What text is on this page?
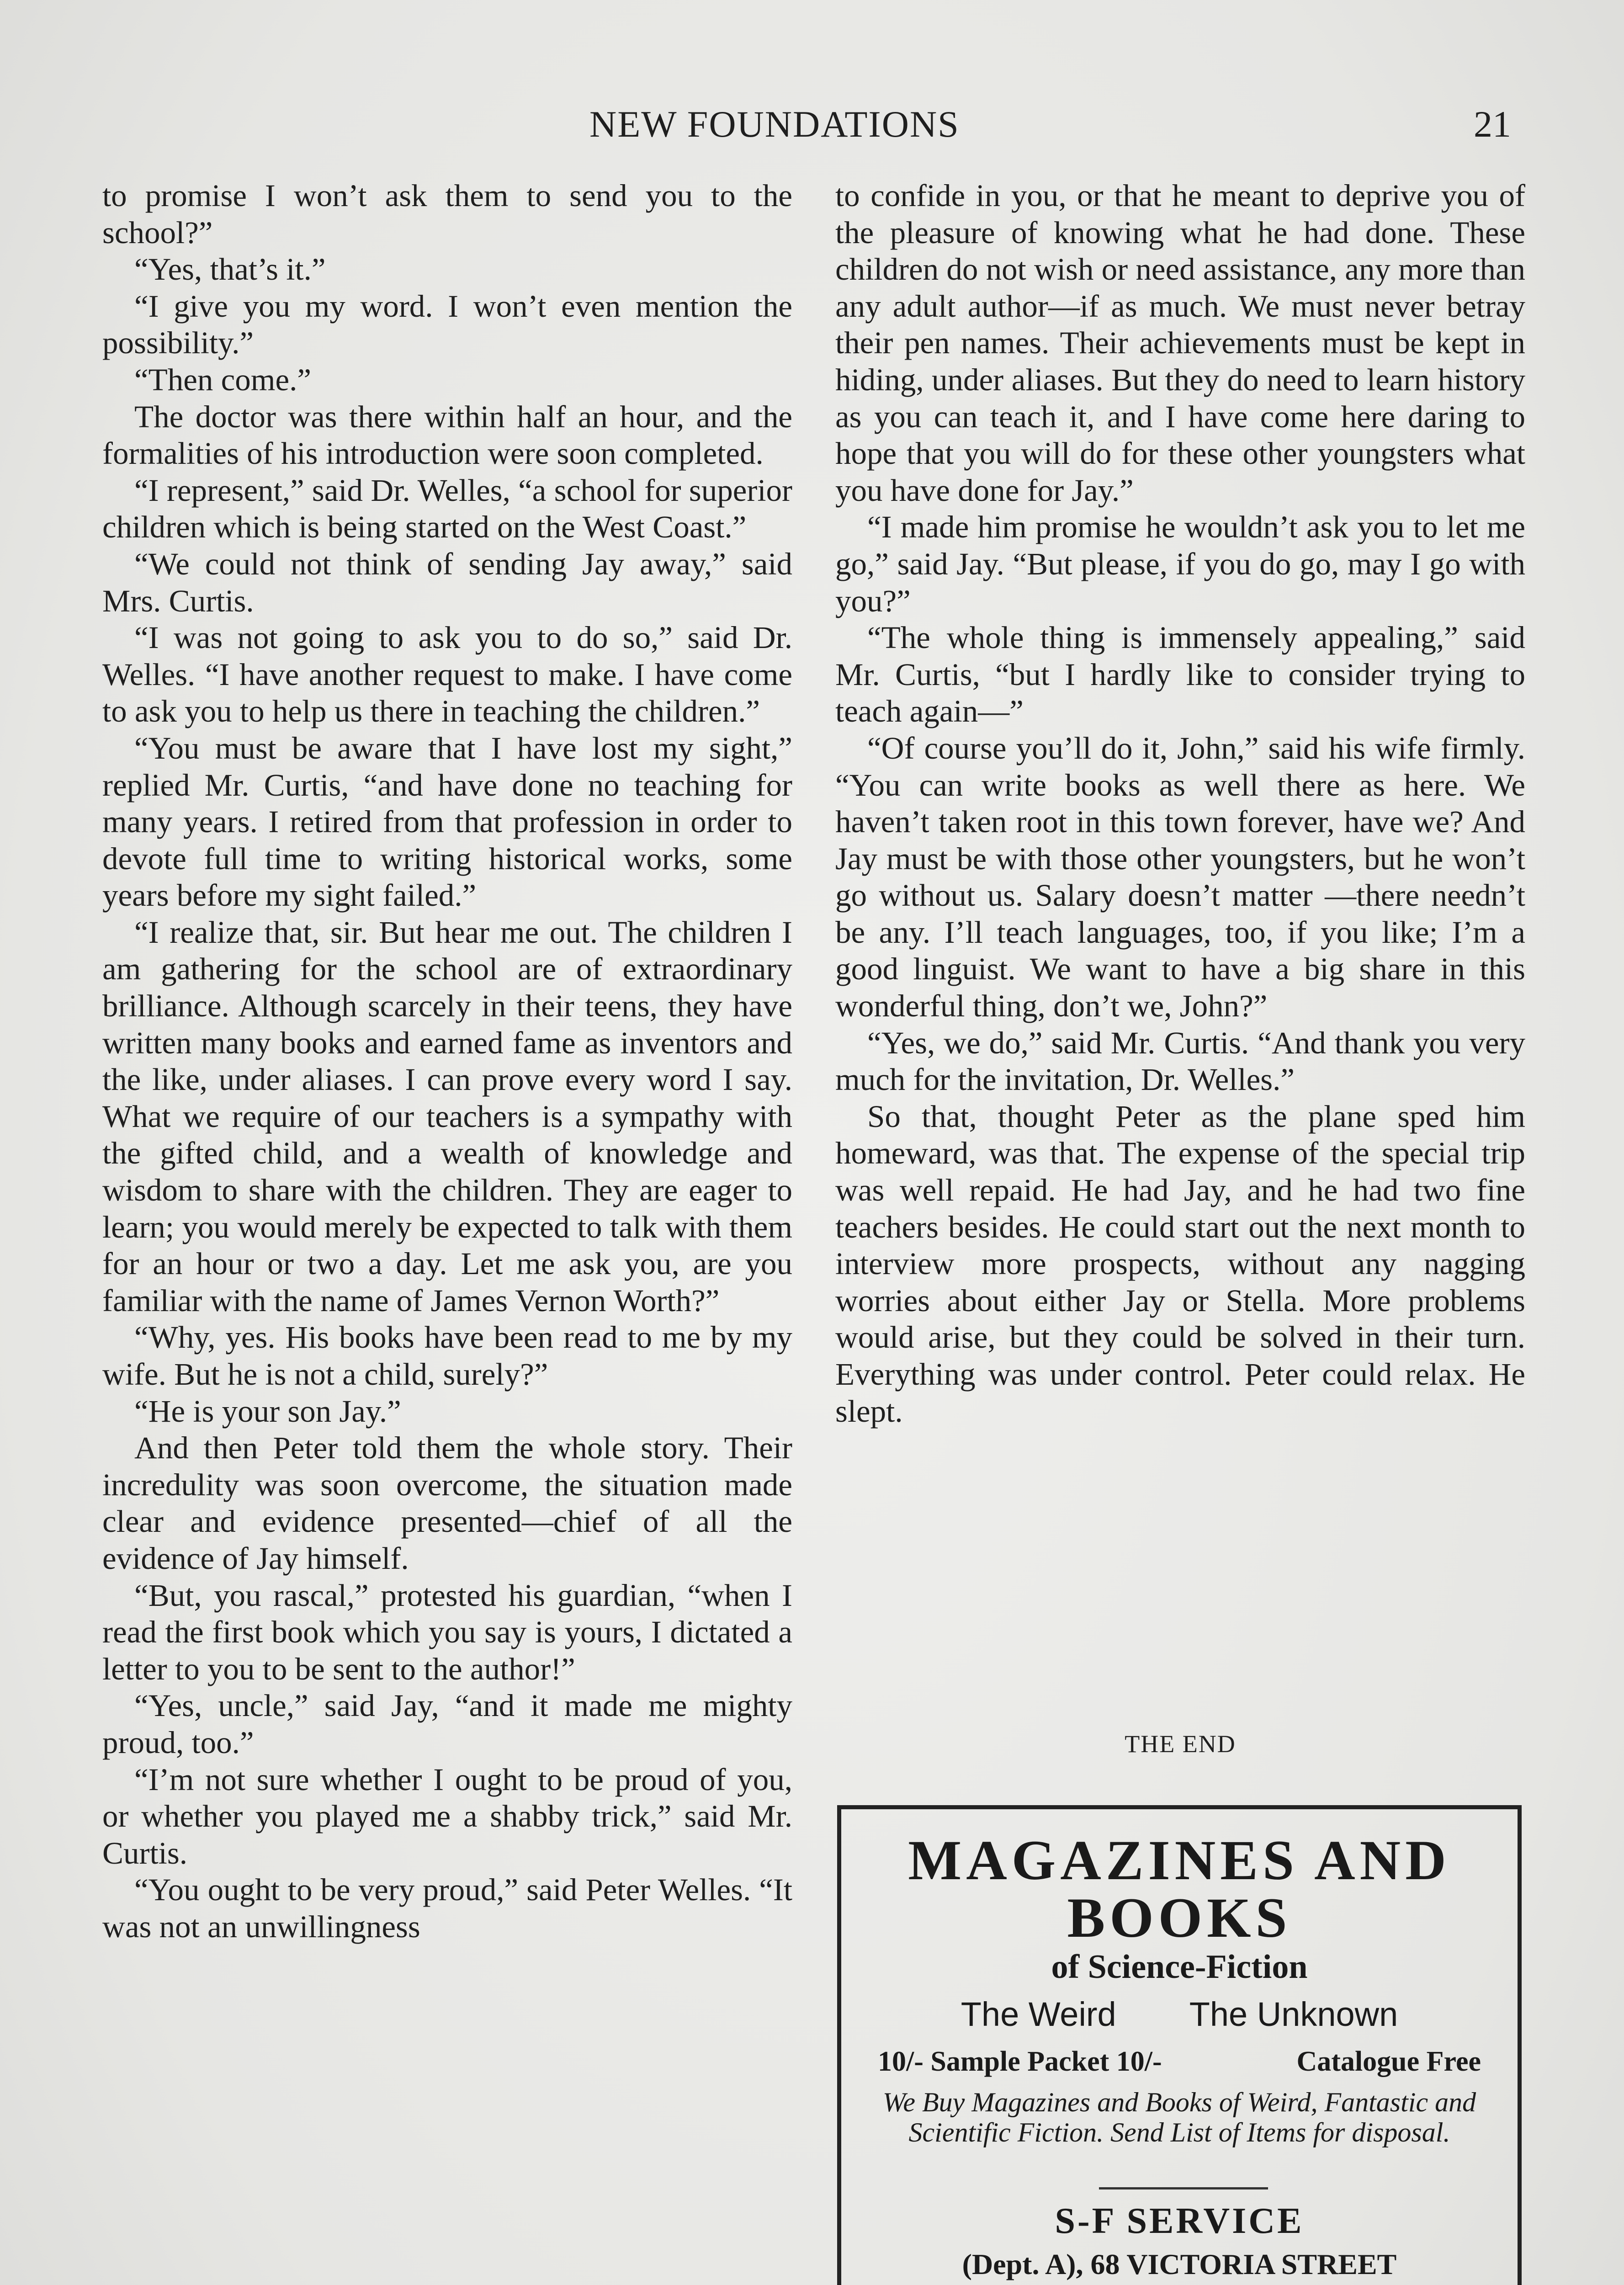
NEW FOUNDATIONS	21

to promise I won’t ask them to send you to the school?”

“Yes, that’s it.”

“I give you my word. I won’t even mention the possibility.”

“Then come.”

The doctor was there within half an hour, and the formalities of his introduction were soon completed.

“I represent,” said Dr. Welles, “a school for superior children which is being started on the West Coast.”

“We could not think of sending Jay away,” said Mrs. Curtis.

“I was not going to ask you to do so,” said Dr. Welles. “I have another request to make. I have come to ask you to help us there in teaching the children.”

“You must be aware that I have lost my sight,” replied Mr. Curtis, “and have done no teaching for many years. I retired from that profession in order to devote full time to writing historical works, some years before my sight failed.”

“I realize that, sir. But hear me out. The children I am gathering for the school are of extraordinary brilliance. Although scarcely in their teens, they have written many books and earned fame as inventors and the like, under aliases. I can prove every word I say. What we require of our teachers is a sympathy with the gifted child, and a wealth of knowledge and wisdom to share with the children. They are eager to learn; you would merely be expected to talk with them for an hour or two a day. Let me ask you, are you familiar with the name of James Vernon Worth?”

“Why, yes. His books have been read to me by my wife. But he is not a child, surely?”

“He is your son Jay.”

And then Peter told them the whole story. Their incredulity was soon overcome, the situation made clear and evidence presented—chief of all the evidence of Jay himself.

“But, you rascal,” protested his guardian, “when I read the first book which you say is yours, I dictated a letter to you to be sent to the author!”

“Yes, uncle,” said Jay, “and it made me mighty proud, too.”

“I’m not sure whether I ought to be proud of you, or whether you played me a shabby trick,” said Mr. Curtis.

“You ought to be very proud,” said Peter Welles. “It was not an unwillingness

to confide in you, or that he meant to deprive you of the pleasure of knowing what he had done. These children do not wish or need assistance, any more than any adult author—if as much. We must never betray their pen names. Their achievements must be kept in hiding, under aliases. But they do need to learn history as you can teach it, and I have come here daring to hope that you will do for these other youngsters what you have done for Jay.”

“I made him promise he wouldn’t ask you to let me go,” said Jay. “But please, if you do go, may I go with you?”

“The whole thing is immensely appealing,” said Mr. Curtis, “but I hardly like to consider trying to teach again—”

“Of course you’ll do it, John,” said his wife firmly. “You can write books as well there as here. We haven’t taken root in this town forever, have we? And Jay must be with those other youngsters, but he won’t go without us. Salary doesn’t matter —there needn’t be any. I’ll teach languages, too, if you like; I’m a good linguist. We want to have a big share in this wonderful thing, don’t we, John?”

“Yes, we do,” said Mr. Curtis. “And thank you very much for the invitation, Dr. Welles.”

So that, thought Peter as the plane sped him homeward, was that. The expense of the special trip was well repaid. He had Jay, and he had two fine teachers besides. He could start out the next month to interview more prospects, without any nagging worries about either Jay or Stella. More problems would arise, but they could be solved in their turn. Everything was under control. Peter could relax. He slept.

THE END
MAGAZINES AND
BOOKS
of Science-Fiction
The Weird The Unknown
10/- Sample Packet 10/-	Catalogue Free
We Buy Magazines and Books of Weird, Fantastic and Scientific Fiction. Send List of Items for disposal.
S-F SERVICE
(Dept. A), 68 VICTORIA STREET
